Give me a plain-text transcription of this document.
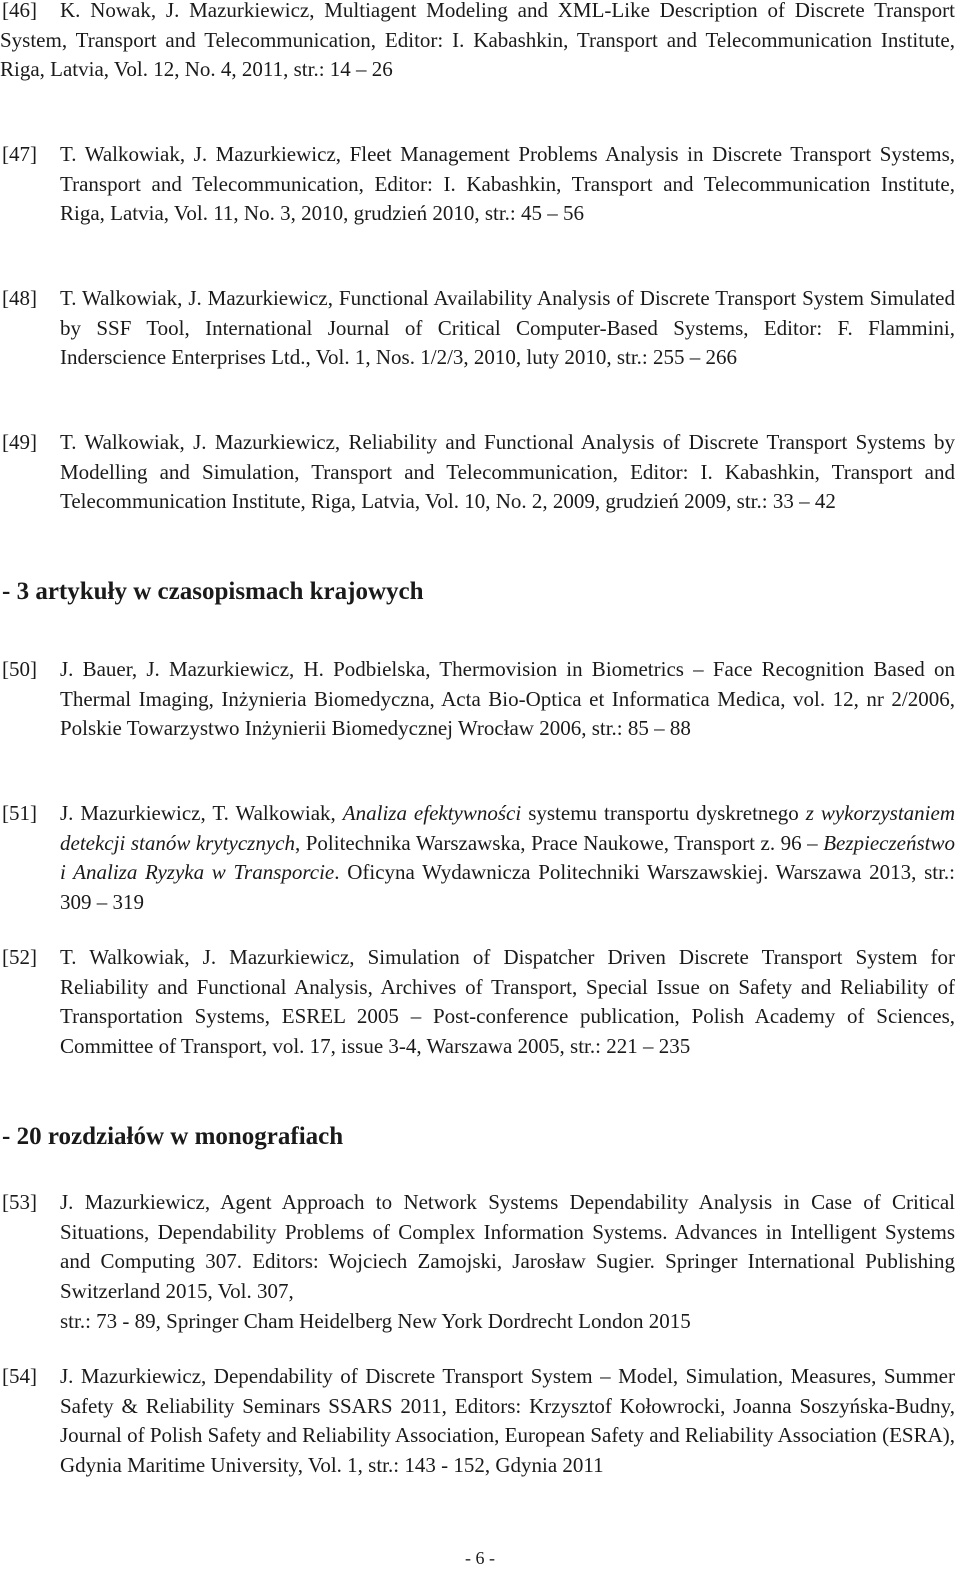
[46]	K. Nowak, J. Mazurkiewicz, Multiagent Modeling and XML-Like Description of Discrete Transport System, Transport and Telecommunication, Editor: I. Kabashkin, Transport and Telecommunication Institute, Riga, Latvia, Vol. 12, No. 4, 2011, str.: 14 – 26
[47] T. Walkowiak, J. Mazurkiewicz, Fleet Management Problems Analysis in Discrete Transport Systems, Transport and Telecommunication, Editor: I. Kabashkin, Transport and Telecommunication Institute, Riga, Latvia, Vol. 11, No. 3, 2010, grudzień 2010, str.: 45 – 56
[48] T. Walkowiak, J. Mazurkiewicz, Functional Availability Analysis of Discrete Transport System Simulated by SSF Tool, International Journal of Critical Computer-Based Systems, Editor: F. Flammini, Inderscience Enterprises Ltd., Vol. 1, Nos. 1/2/3, 2010, luty 2010, str.: 255 – 266
[49] T. Walkowiak, J. Mazurkiewicz, Reliability and Functional Analysis of Discrete Transport Systems by Modelling and Simulation, Transport and Telecommunication, Editor: I. Kabashkin, Transport and Telecommunication Institute, Riga, Latvia, Vol. 10, No. 2, 2009, grudzień 2009, str.: 33 – 42
- 3 artykuły w czasopismach krajowych
[50] J. Bauer, J. Mazurkiewicz, H. Podbielska, Thermovision in Biometrics – Face Recognition Based on Thermal Imaging, Inżynieria Biomedyczna, Acta Bio-Optica et Informatica Medica, vol. 12, nr 2/2006, Polskie Towarzystwo Inżynierii Biomedycznej Wrocław 2006, str.: 85 – 88
[51] J. Mazurkiewicz, T. Walkowiak, Analiza efektywności systemu transportu dyskretnego z wykorzystaniem detekcji stanów krytycznych, Politechnika Warszawska, Prace Naukowe, Transport z. 96 – Bezpieczeństwo i Analiza Ryzyka w Transporcie. Oficyna Wydawnicza Politechniki Warszawskiej. Warszawa 2013, str.: 309 – 319
[52] T. Walkowiak, J. Mazurkiewicz, Simulation of Dispatcher Driven Discrete Transport System for Reliability and Functional Analysis, Archives of Transport, Special Issue on Safety and Reliability of Transportation Systems, ESREL 2005 – Post-conference publication, Polish Academy of Sciences, Committee of Transport, vol. 17, issue 3-4, Warszawa 2005, str.: 221 – 235
- 20 rozdziałów w monografiach
[53] J. Mazurkiewicz, Agent Approach to Network Systems Dependability Analysis in Case of Critical Situations, Dependability Problems of Complex Information Systems. Advances in Intelligent Systems and Computing 307. Editors: Wojciech Zamojski, Jarosław Sugier. Springer International Publishing Switzerland 2015, Vol. 307,
str.: 73 - 89, Springer Cham Heidelberg New York Dordrecht London 2015
[54] J. Mazurkiewicz, Dependability of Discrete Transport System – Model, Simulation, Measures, Summer Safety & Reliability Seminars SSARS 2011, Editors: Krzysztof Kołowrocki, Joanna Soszyńska-Budny, Journal of Polish Safety and Reliability Association, European Safety and Reliability Association (ESRA), Gdynia Maritime University, Vol. 1, str.: 143 - 152, Gdynia 2011
- 6 -
